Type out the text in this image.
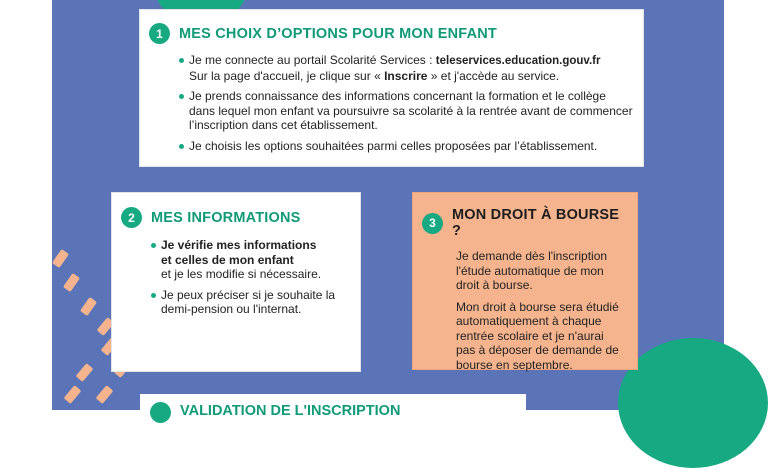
1	MES CHOIX D’OPTIONS POUR MON ENFANT
Je me connecte au portail Scolarité Services : teleservices.education.gouv.fr
Sur la page d'accueil, je clique sur « Inscrire » et j'accède au service.
Je prends connaissance des informations concernant la formation et le collège dans lequel mon enfant va poursuivre sa scolarité à la rentrée avant de commencer l’inscription dans cet établissement.
Je choisis les options souhaitées parmi celles proposées par l’établissement.
2	MES INFORMATIONS
Je vérifie mes informations et celles de mon enfant
et je les modifie si nécessaire.
Je peux préciser si je souhaite la demi-pension ou l'internat.
3	MON DROIT À BOURSE ?
Je demande dès l'inscription l'étude automatique de mon droit à bourse.
Mon droit à bourse sera étudié automatiquement à chaque rentrée scolaire et je n'aurai pas à déposer de demande de bourse en septembre.
VALIDATION DE L'INSCRIPTION
